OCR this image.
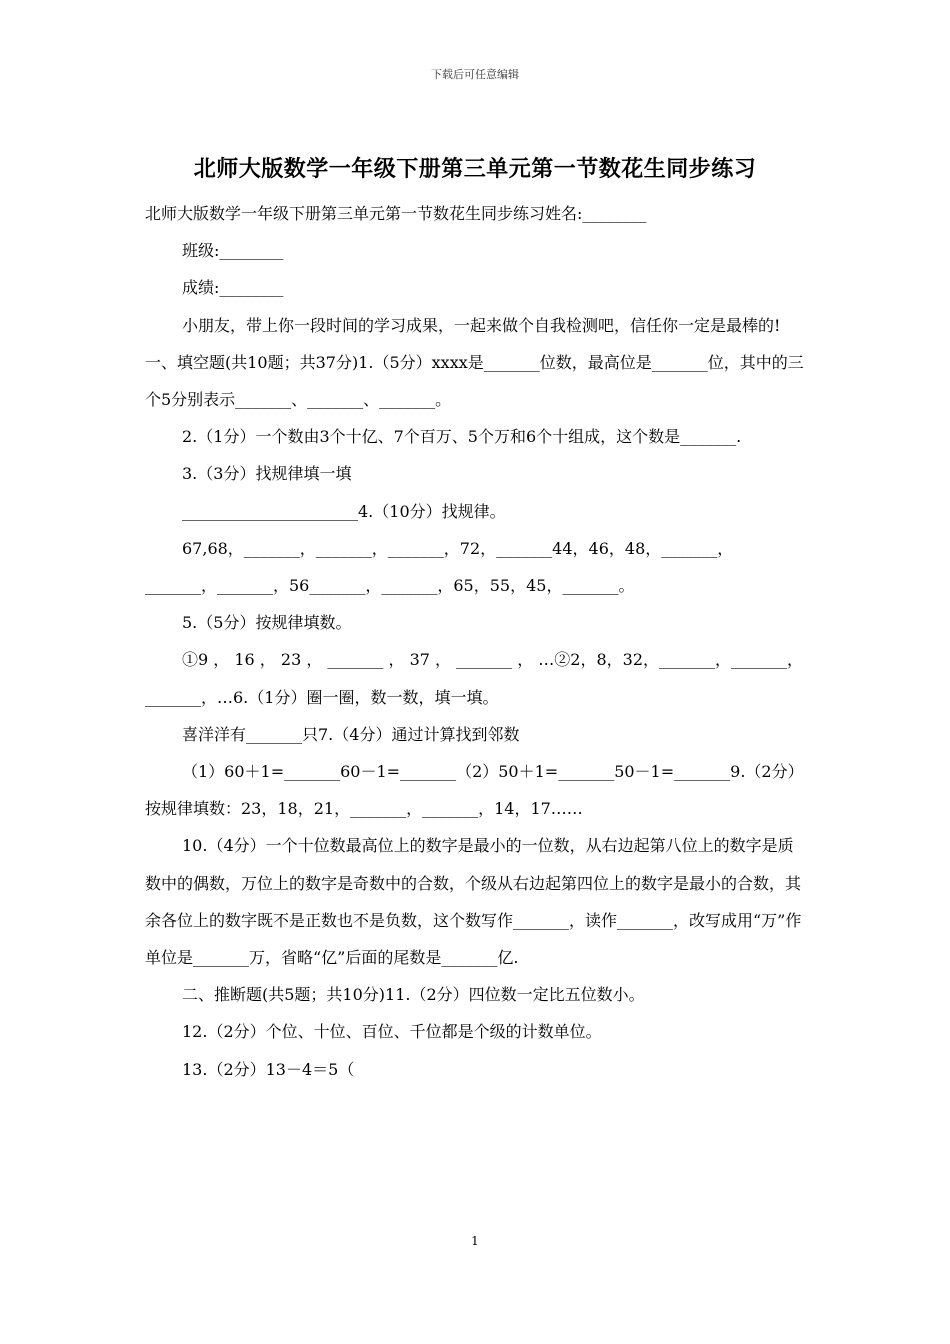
下载后可任意编辑
北师大版数学一年级下册第三单元第一节数花生同步练习

北师大版数学一年级下册第三单元第一节数花生同步练习姓名:________

班级:________

成绩:________

小朋友，带上你一段时间的学习成果，一起来做个自我检测吧，信任你一定是最棒的!一、填空题(共10题；共37分)1.（5分）xxxx是_______位数，最高位是_______位，其中的三个5分别表示_______、_______、_______。

2.（1分）一个数由3个十亿、7个百万、5个万和6个十组成，这个数是_______.

3.（3分）找规律填一填

______________________4.（10分）找规律。

67,68，_______，_______，_______，72，_______44，46，48，_______，_______，_______，56_______，_______，65，55，45，_______。

5.（5分）按规律填数。

①9 ， 16 ， 23 ， _______ ， 37 ， _______ ， …②2，8，32，_______，_______，_______，…6.（1分）圈一圈，数一数，填一填。

喜洋洋有_______只7.（4分）通过计算找到邻数

（1）60＋1=_______60－1=_______（2）50＋1=_______50－1=_______9.（2分）按规律填数：23，18，21，_______，_______，14，17……

10.（4分）一个十位数最高位上的数字是最小的一位数，从右边起第八位上的数字是质数中的偶数，万位上的数字是奇数中的合数，个级从右边起第四位上的数字是最小的合数，其余各位上的数字既不是正数也不是负数，这个数写作_______，读作_______，改写成用“万”作单位是_______万，省略“亿”后面的尾数是_______亿.

二、推断题(共5题；共10分)11.（2分）四位数一定比五位数小。

12.（2分）个位、十位、百位、千位都是个级的计数单位。

13.（2分）13－4＝5（

1
